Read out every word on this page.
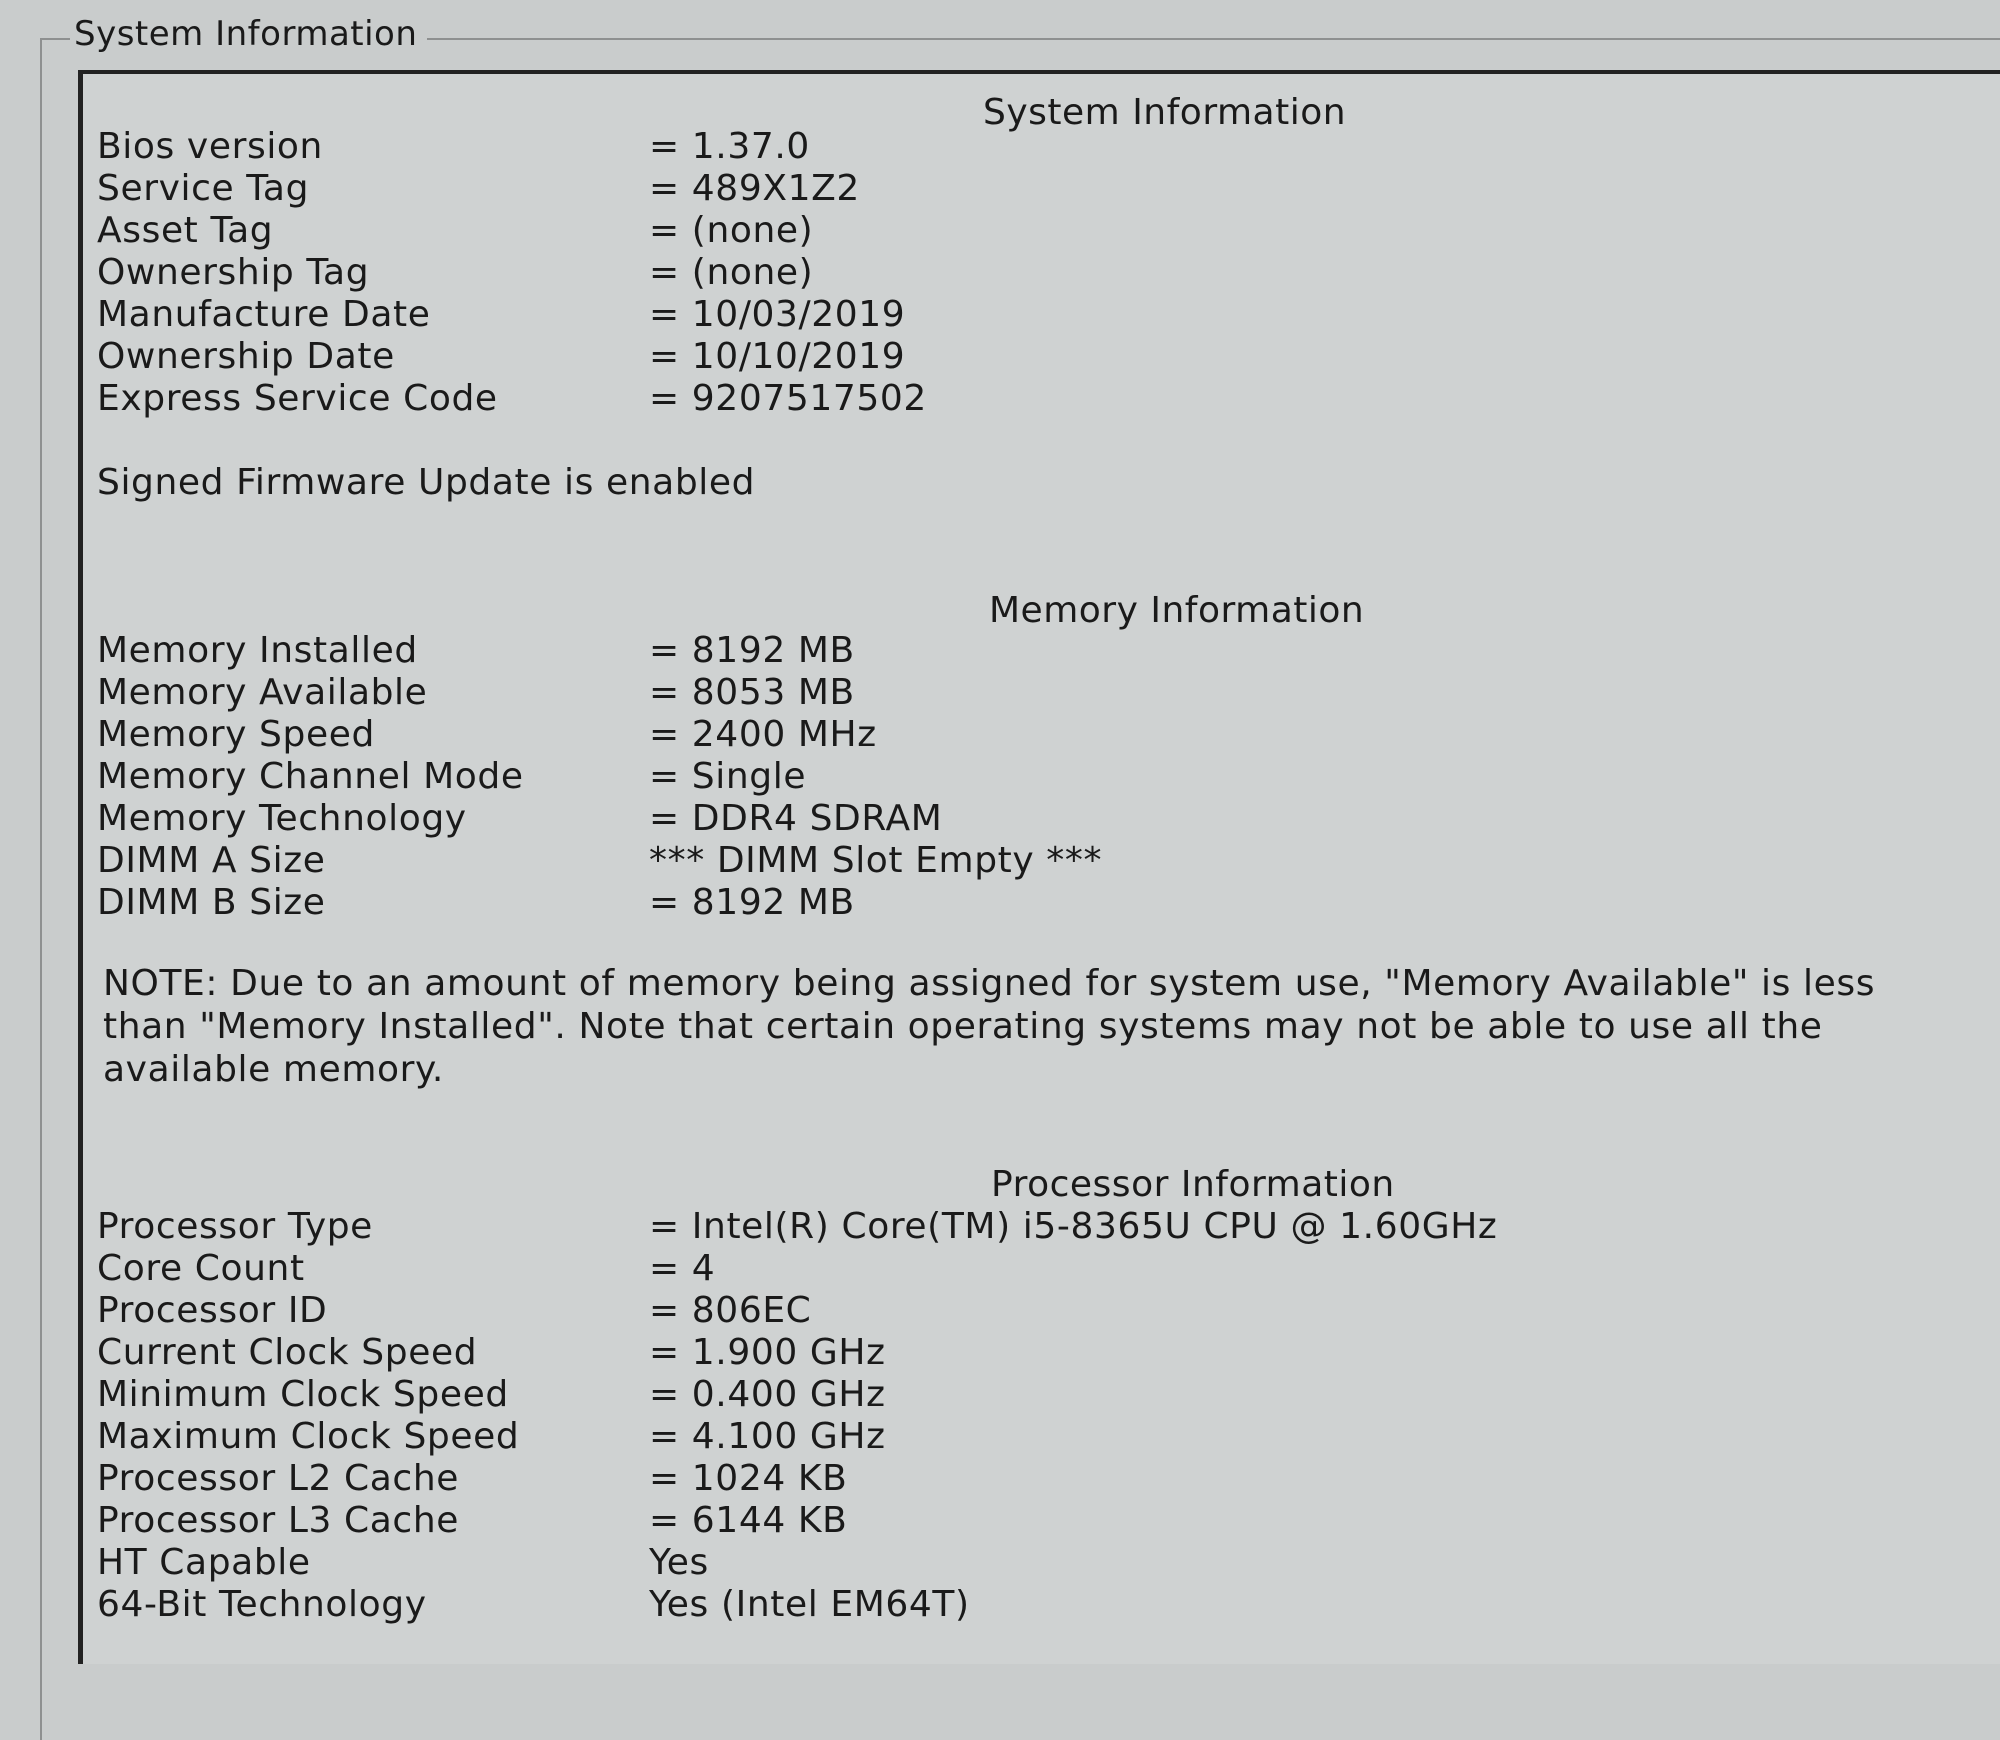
System Information
System Information
Bios version	= 1.37.0
Service Tag	= 489X1Z2
Asset Tag	= (none)
Ownership Tag	= (none)
Manufacture Date	= 10/03/2019
Ownership Date	= 10/10/2019
Express Service Code	= 9207517502
Signed Firmware Update is enabled
Memory Information
Memory Installed	= 8192 MB
Memory Available	= 8053 MB
Memory Speed	= 2400 MHz
Memory Channel Mode	= Single
Memory Technology	= DDR4 SDRAM
DIMM A Size	*** DIMM Slot Empty ***
DIMM B Size	= 8192 MB
NOTE: Due to an amount of memory being assigned for system use, "Memory Available" is less
than "Memory Installed". Note that certain operating systems may not be able to use all the
available memory.
Processor Information
Processor Type	= Intel(R) Core(TM) i5-8365U CPU @ 1.60GHz
Core Count	= 4
Processor ID	= 806EC
Current Clock Speed	= 1.900 GHz
Minimum Clock Speed	= 0.400 GHz
Maximum Clock Speed	= 4.100 GHz
Processor L2 Cache	= 1024 KB
Processor L3 Cache	= 6144 KB
HT Capable	Yes
64-Bit Technology	Yes (Intel EM64T)
